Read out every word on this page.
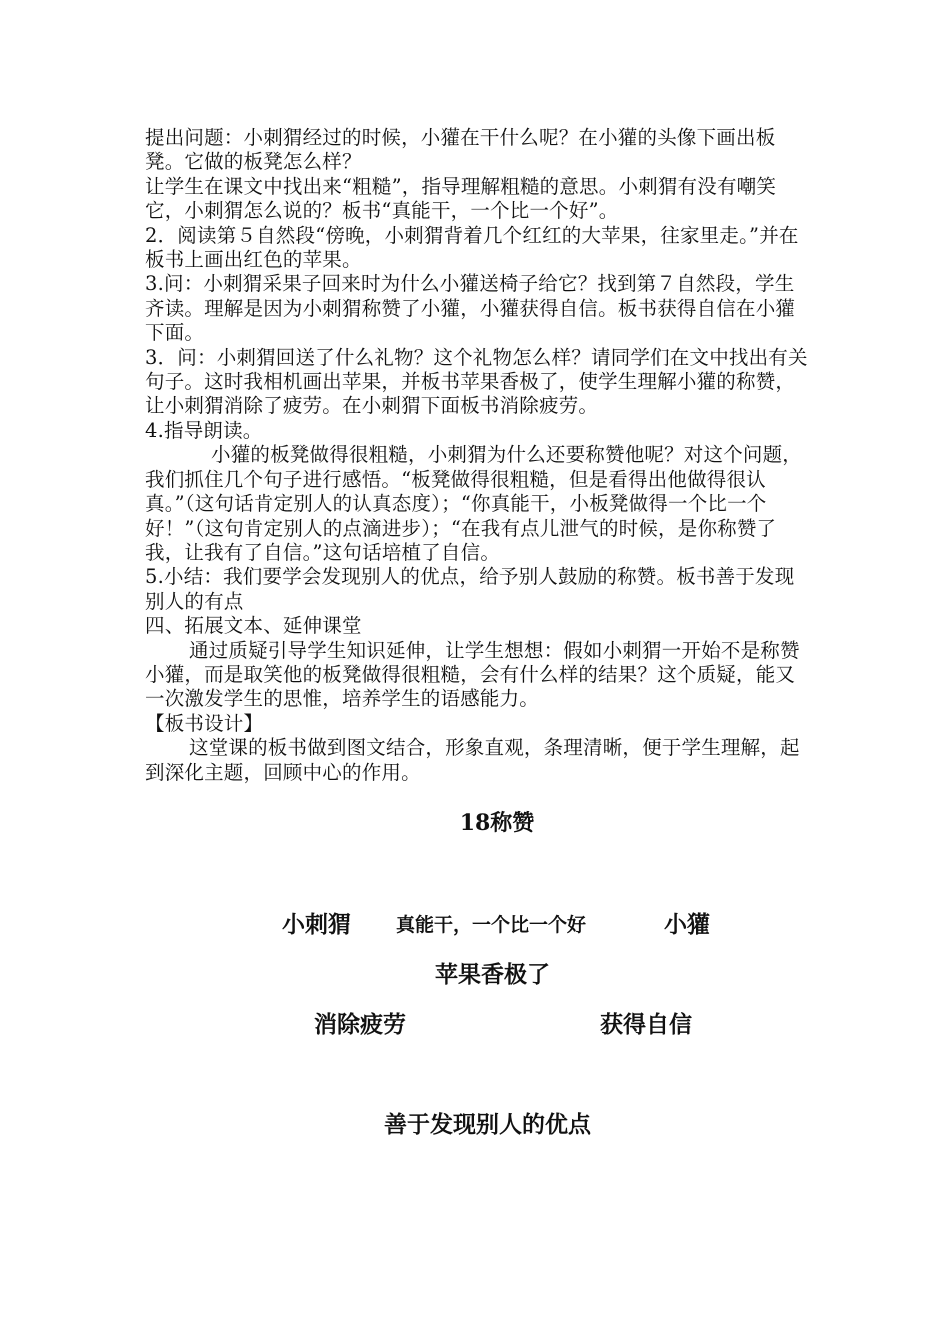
提出问题：小刺猬经过的时候，小獾在干什么呢？在小獾的头像下画出板凳。它做的板凳怎么样？

让学生在课文中找出来“粗糙”，指导理解粗糙的意思。小刺猬有没有嘲笑它，小刺猬怎么说的？板书“真能干，一个比一个好”。

2．阅读第５自然段“傍晚，小刺猬背着几个红红的大苹果，往家里走。”并在板书上画出红色的苹果。

3.问：小刺猬采果子回来时为什么小獾送椅子给它？找到第７自然段，学生齐读。理解是因为小刺猬称赞了小獾，小獾获得自信。板书获得自信在小獾下面。

3．问：小刺猬回送了什么礼物？这个礼物怎么样？请同学们在文中找出有关句子。这时我相机画出苹果，并板书苹果香极了，使学生理解小獾的称赞，让小刺猬消除了疲劳。在小刺猬下面板书消除疲劳。

4.指导朗读。

小獾的板凳做得很粗糙，小刺猬为什么还要称赞他呢？对这个问题，我们抓住几个句子进行感悟。“板凳做得很粗糙，但是看得出他做得很认真。”（这句话肯定别人的认真态度）；“你真能干，小板凳做得一个比一个好！”（这句肯定别人的点滴进步）；“在我有点儿泄气的时候，是你称赞了我，让我有了自信。”这句话培植了自信。

5.小结：我们要学会发现别人的优点，给予别人鼓励的称赞。板书善于发现别人的有点

四、拓展文本、延伸课堂

通过质疑引导学生知识延伸，让学生想想：假如小刺猬一开始不是称赞小獾，而是取笑他的板凳做得很粗糙，会有什么样的结果？这个质疑，能又一次激发学生的思惟，培养学生的语感能力。

【板书设计】

这堂课的板书做到图文结合，形象直观，条理清晰，便于学生理解，起到深化主题，回顾中心的作用。

18称赞
小刺猬 真能干，一个比一个好	小獾
苹果香极了
消除疲劳	获得自信
善于发现别人的优点
